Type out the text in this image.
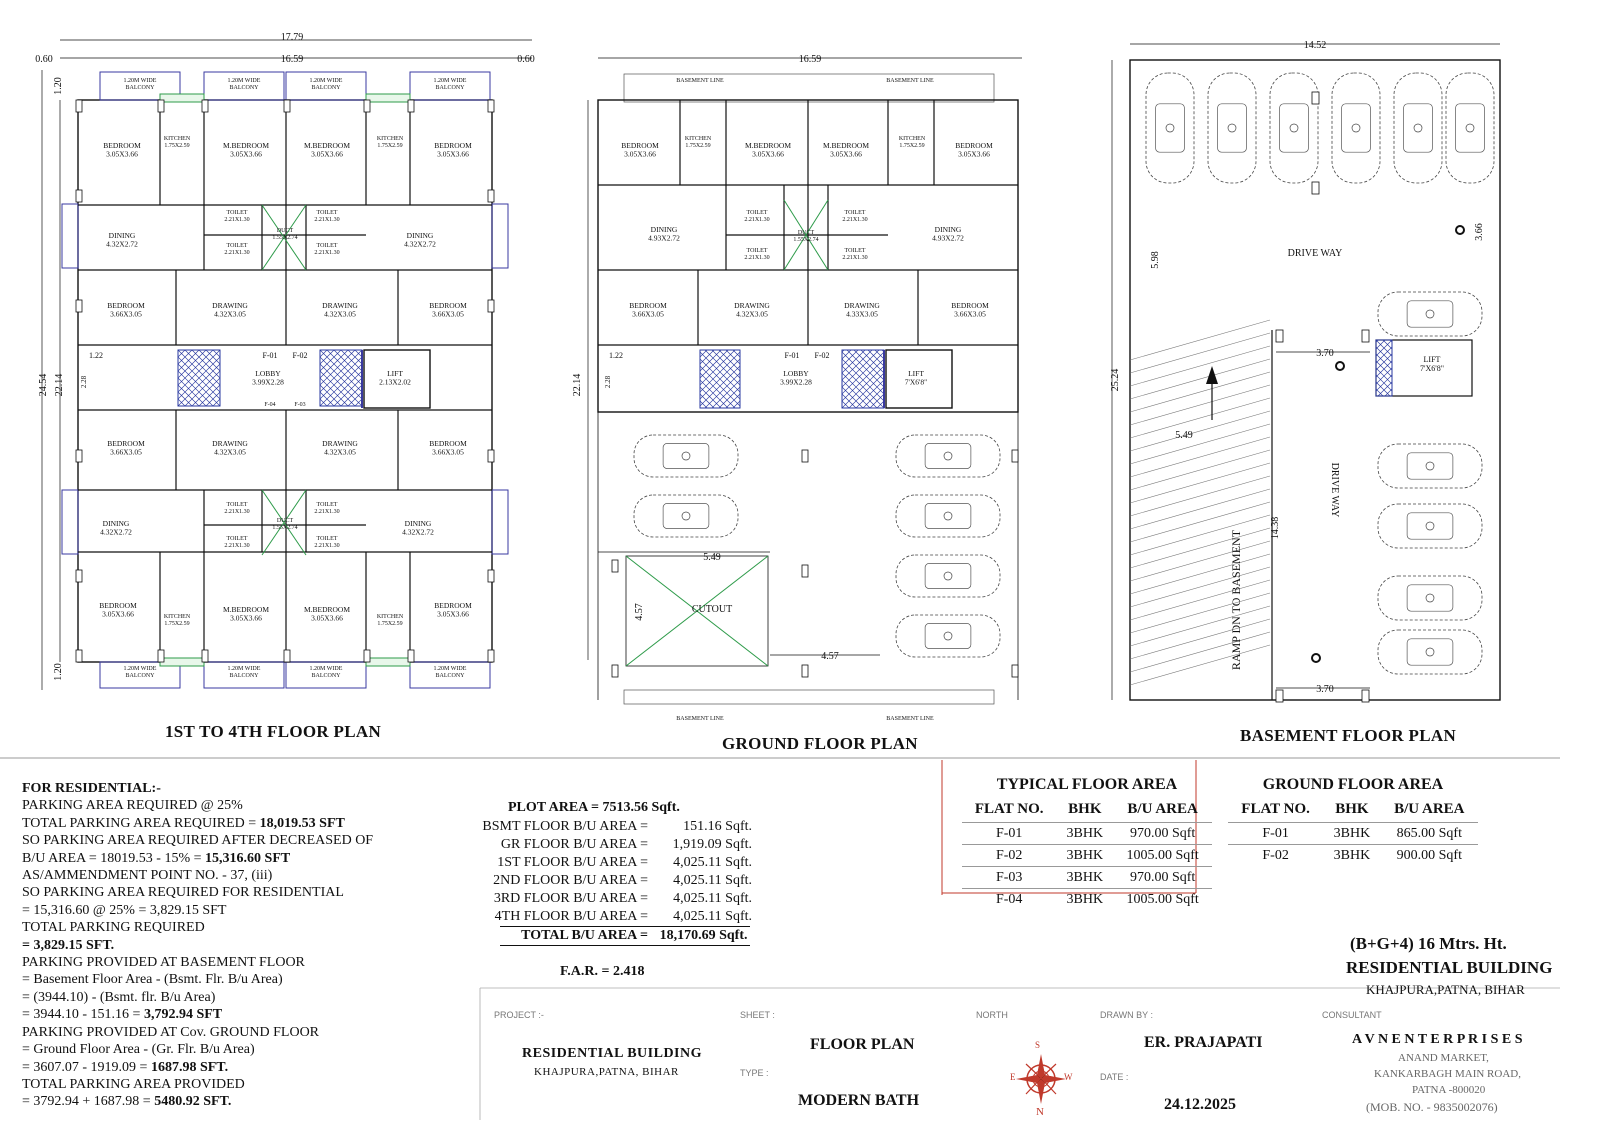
17.79
16.59
0.60	0.60
24.54 22.14
1.20
1.20
BEDROOM 3.05X3.66
KITCHEN 1.75X2.59	M.BEDROOM 3.05X3.66
M.BEDROOM 3.05X3.66
KITCHEN 1.75X2.59	BEDROOM 3.05X3.66
DINING 4.32X2.72
TOILET 2.21X1.30
DUCT 1.55X2.74
TOILET 2.21X1.30
DINING 4.32X2.72
TOILET 2.21X1.30
TOILET 2.21X1.30
BEDROOM 3.66X3.05
DRAWING 4.32X3.05
DRAWING 4.32X3.05
BEDROOM 3.66X3.05
LOBBY 3.99X2.28
LIFT 2.13X2.02
BEDROOM 3.66X3.05
DRAWING 4.32X3.05
DRAWING 4.32X3.05
BEDROOM 3.66X3.05
DINING 4.32X2.72
TOILET 2.21X1.30
DUCT 1.55X2.74
TOILET 2.21X1.30
DINING 4.32X2.72
TOILET 2.21X1.30
TOILET 2.21X1.30
BEDROOM 3.05X3.66	KITCHEN 1.75X2.59
M.BEDROOM 3.05X3.66
M.BEDROOM 3.05X3.66	KITCHEN 1.75X2.59
BEDROOM 3.05X3.66
1.20M WIDE BALCONY
1.20M WIDE BALCONY
1.20M WIDE BALCONY
1.20M WIDE BALCONY
1.20M WIDE BALCONY
1.20M WIDE BALCONY
1.20M WIDE BALCONY
1.20M WIDE BALCONY
F-01 F-02
F-04	F-03
1.22
2.28
16.59
22.14
BASEMENT LINE	BASEMENT LINE
BEDROOM 3.05X3.66
KITCHEN 1.75X2.59	M.BEDROOM 3.05X3.66
M.BEDROOM 3.05X3.66
KITCHEN 1.75X2.59	BEDROOM 3.05X3.66
DINING 4.93X2.72
TOILET 2.21X1.30
DUCT 1.55X2.74
TOILET 2.21X1.30
DINING 4.93X2.72
TOILET 2.21X1.30
TOILET 2.21X1.30
BEDROOM 3.66X3.05
DRAWING 4.32X3.05
DRAWING 4.33X3.05
BEDROOM 3.66X3.05
LOBBY 3.99X2.28
LIFT 7'X6'8"
F-01 F-02
1.22
2.28
BASEMENT LINE	BASEMENT LINE
CUTOUT
5.49
4.57
4.57
14.52
25.24
5.98
3.66
DRIVE WAY
5.49
RAMP DN TO BASEMENT
14.38
DRIVE WAY
3.70
3.70
LIFT 7'X6'8"
1ST TO 4TH FLOOR PLAN
GROUND FLOOR PLAN	BASEMENT FLOOR PLAN
FOR RESIDENTIAL:-
PARKING AREA REQUIRED @ 25%
TOTAL PARKING AREA REQUIRED = 18,019.53 SFT
SO PARKING AREA REQUIRED AFTER DECREASED OF
B/U AREA = 18019.53 - 15% = 15,316.60 SFT
AS/AMMENDMENT POINT NO. - 37, (iii)
SO PARKING AREA REQUIRED FOR RESIDENTIAL
= 15,316.60 @ 25% = 3,829.15 SFT
TOTAL PARKING REQUIRED
= 3,829.15 SFT.
PARKING PROVIDED AT BASEMENT FLOOR
= Basement Floor Area - (Bsmt. Flr. B/u Area)
= (3944.10) - (Bsmt. flr. B/u Area)
= 3944.10 - 151.16 = 3,792.94 SFT
PARKING PROVIDED AT Cov. GROUND FLOOR
= Ground Floor Area - (Gr. Flr. B/u Area)
= 3607.07 - 1919.09 = 1687.98 SFT.
TOTAL PARKING AREA PROVIDED
= 3792.94 + 1687.98 = 5480.92 SFT.
PLOT AREA = 7513.56 Sqft.
BSMT FLOOR B/U AREA =	151.16 Sqft.
GR FLOOR B/U AREA =	1,919.09 Sqft.
1ST FLOOR B/U AREA =	4,025.11 Sqft.
2ND FLOOR B/U AREA =	4,025.11 Sqft.
3RD FLOOR B/U AREA =	4,025.11 Sqft.
4TH FLOOR B/U AREA =	4,025.11 Sqft.
TOTAL B/U AREA = 18,170.69 Sqft.
F.A.R. = 2.418
TYPICAL FLOOR AREA
FLAT NO.	BHK	B/U AREA
F-01	3BHK	970.00 Sqft
F-02	3BHK	1005.00 Sqft
F-03	3BHK	970.00 Sqft
F-04	3BHK	1005.00 Sqft
GROUND FLOOR AREA
FLAT NO.	BHK	B/U AREA
F-01	3BHK	865.00 Sqft
F-02	3BHK	900.00 Sqft
(B+G+4) 16 Mtrs. Ht.
RESIDENTIAL BUILDING
KHAJPURA,PATNA, BIHAR
PROJECT :-
RESIDENTIAL BUILDING
KHAJPURA,PATNA, BIHAR
SHEET :
FLOOR PLAN
TYPE :
MODERN BATH
NORTH
S
E	W
N
DRAWN BY :
ER. PRAJAPATI
DATE :
24.12.2025
CONSULTANT
A V N E N T E R P R I S E S
ANAND MARKET,
KANKARBAGH MAIN ROAD,
PATNA -800020
(MOB. NO. - 9835002076)
